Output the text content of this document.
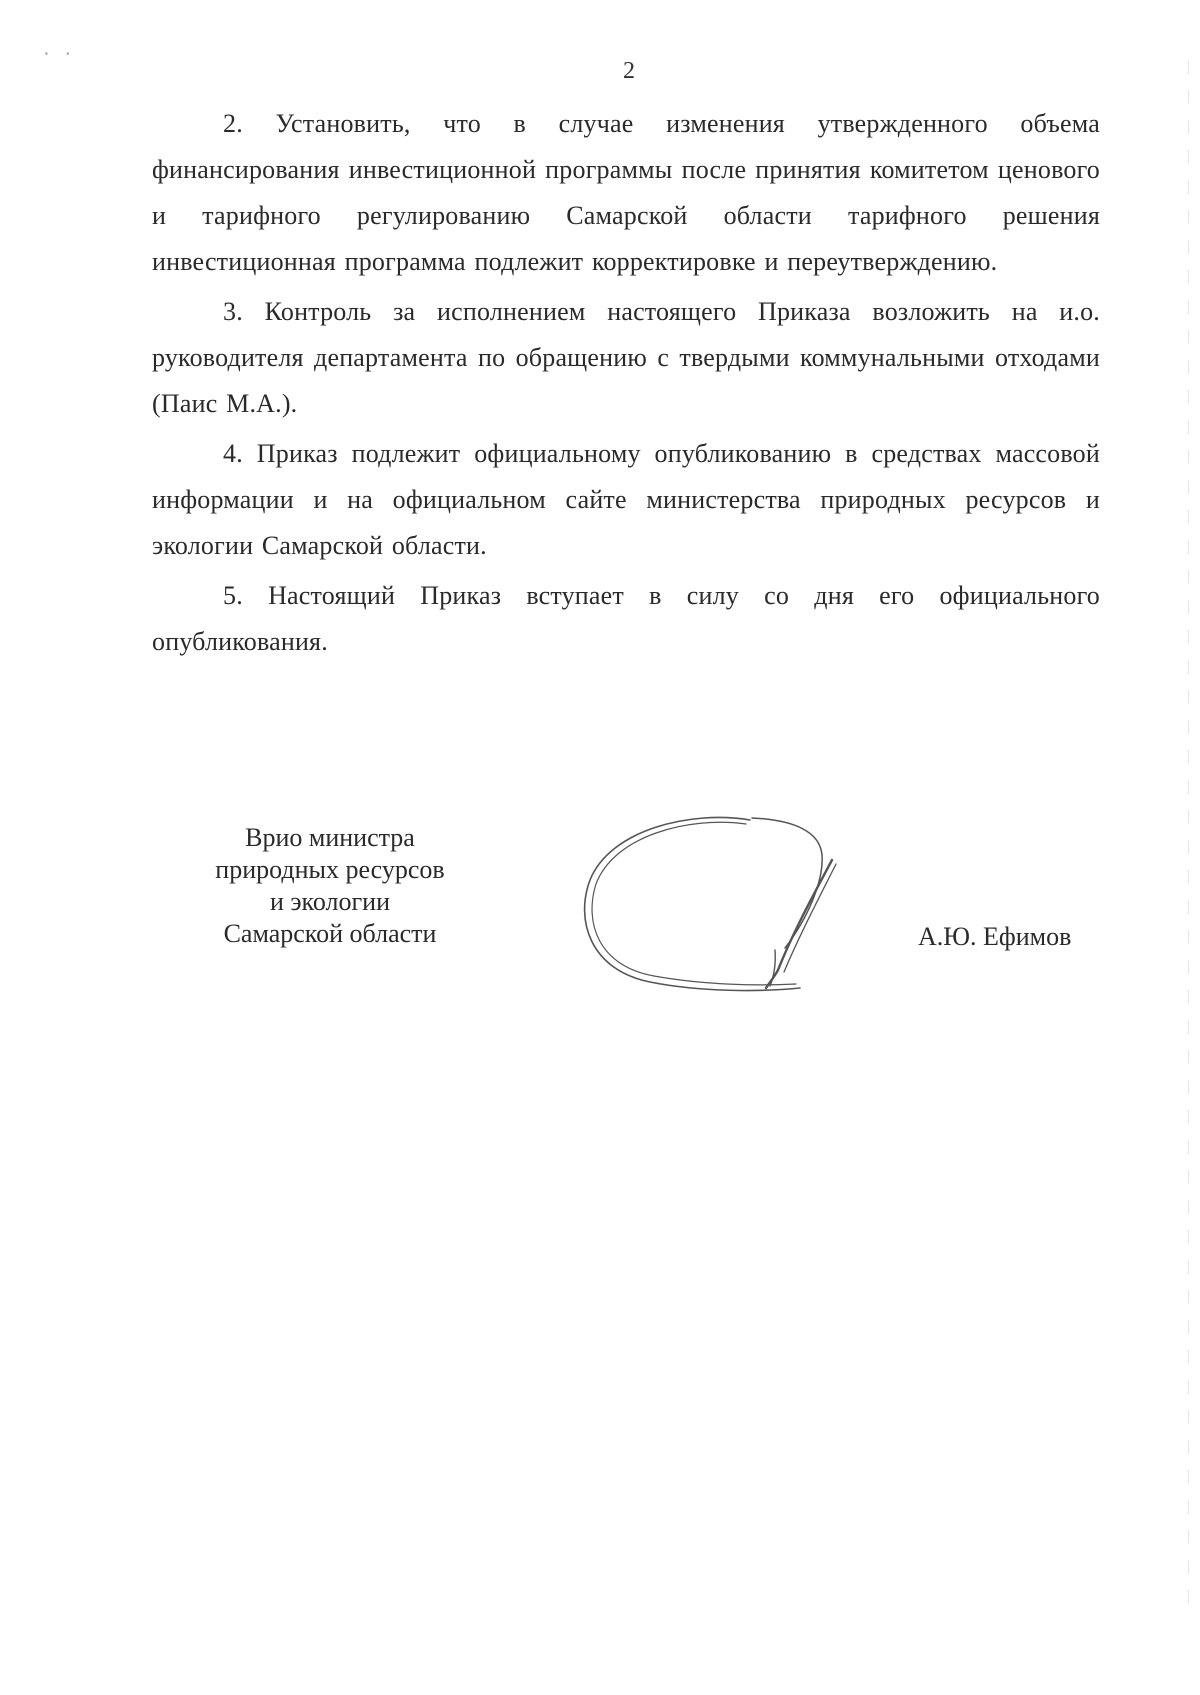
⸱ ⸱
2

2. Установить, что в случае изменения утвержденного объема финансирования инвестиционной программы после принятия комитетом ценового и тарифного регулированию Самарской области тарифного решения инвестиционная программа подлежит корректировке и переутверждению.

3. Контроль за исполнением настоящего Приказа возложить на и.о. руководителя департамента по обращению с твердыми коммунальными отходами (Паис М.А.).

4. Приказ подлежит официальному опубликованию в средствах массовой информации и на официальном сайте министерства природных ресурсов и экологии Самарской области.

5. Настоящий Приказ вступает в силу со дня его официального опубликования.

Врио министра
природных ресурсов
и экологии
Самарской области	А.Ю. Ефимов
